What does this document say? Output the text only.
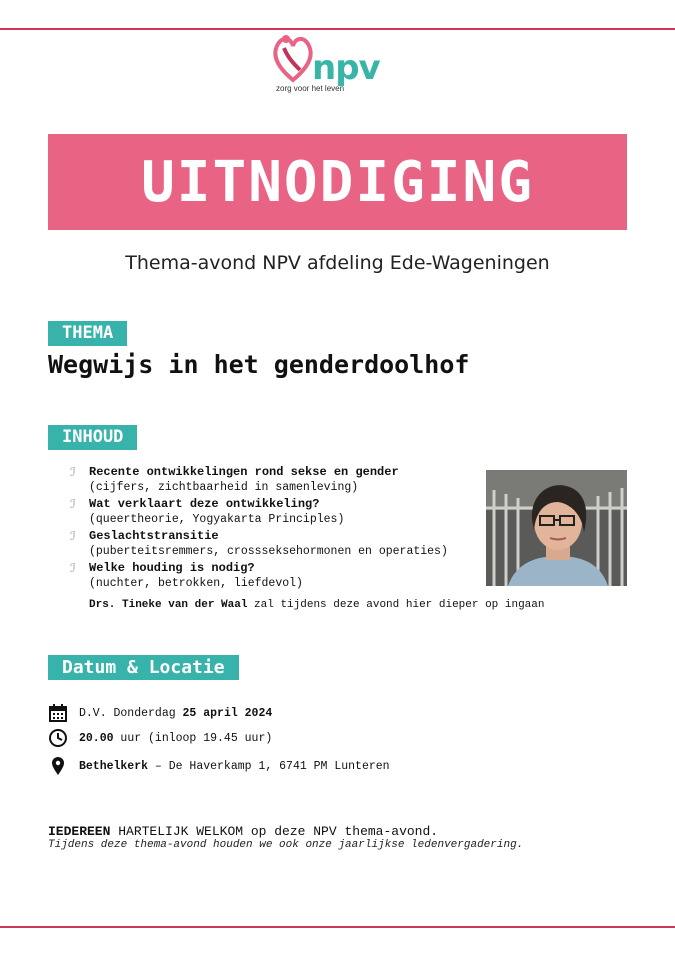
npv
zorg voor het leven
UITNODIGING
Thema-avond NPV afdeling Ede-Wageningen
THEMA
Wegwijs in het genderdoolhof
INHOUD
ℐ Recente ontwikkelingen rond sekse en gender
(cijfers, zichtbaarheid in samenleving)
ℐ Wat verklaart deze ontwikkeling?
(queertheorie, Yogyakarta Principles)
ℐ Geslachtstransitie
(puberteitsremmers, crossseksehormonen en operaties)
ℐ Welke houding is nodig?
(nuchter, betrokken, liefdevol)
Drs. Tineke van der Waal zal tijdens deze avond hier dieper op ingaan
Datum & Locatie
D.V. Donderdag 25 april 2024
20.00 uur (inloop 19.45 uur)
Bethelkerk – De Haverkamp 1, 6741 PM Lunteren
IEDEREEN HARTELIJK WELKOM op deze NPV thema-avond.
Tijdens deze thema-avond houden we ook onze jaarlijkse ledenvergadering.
